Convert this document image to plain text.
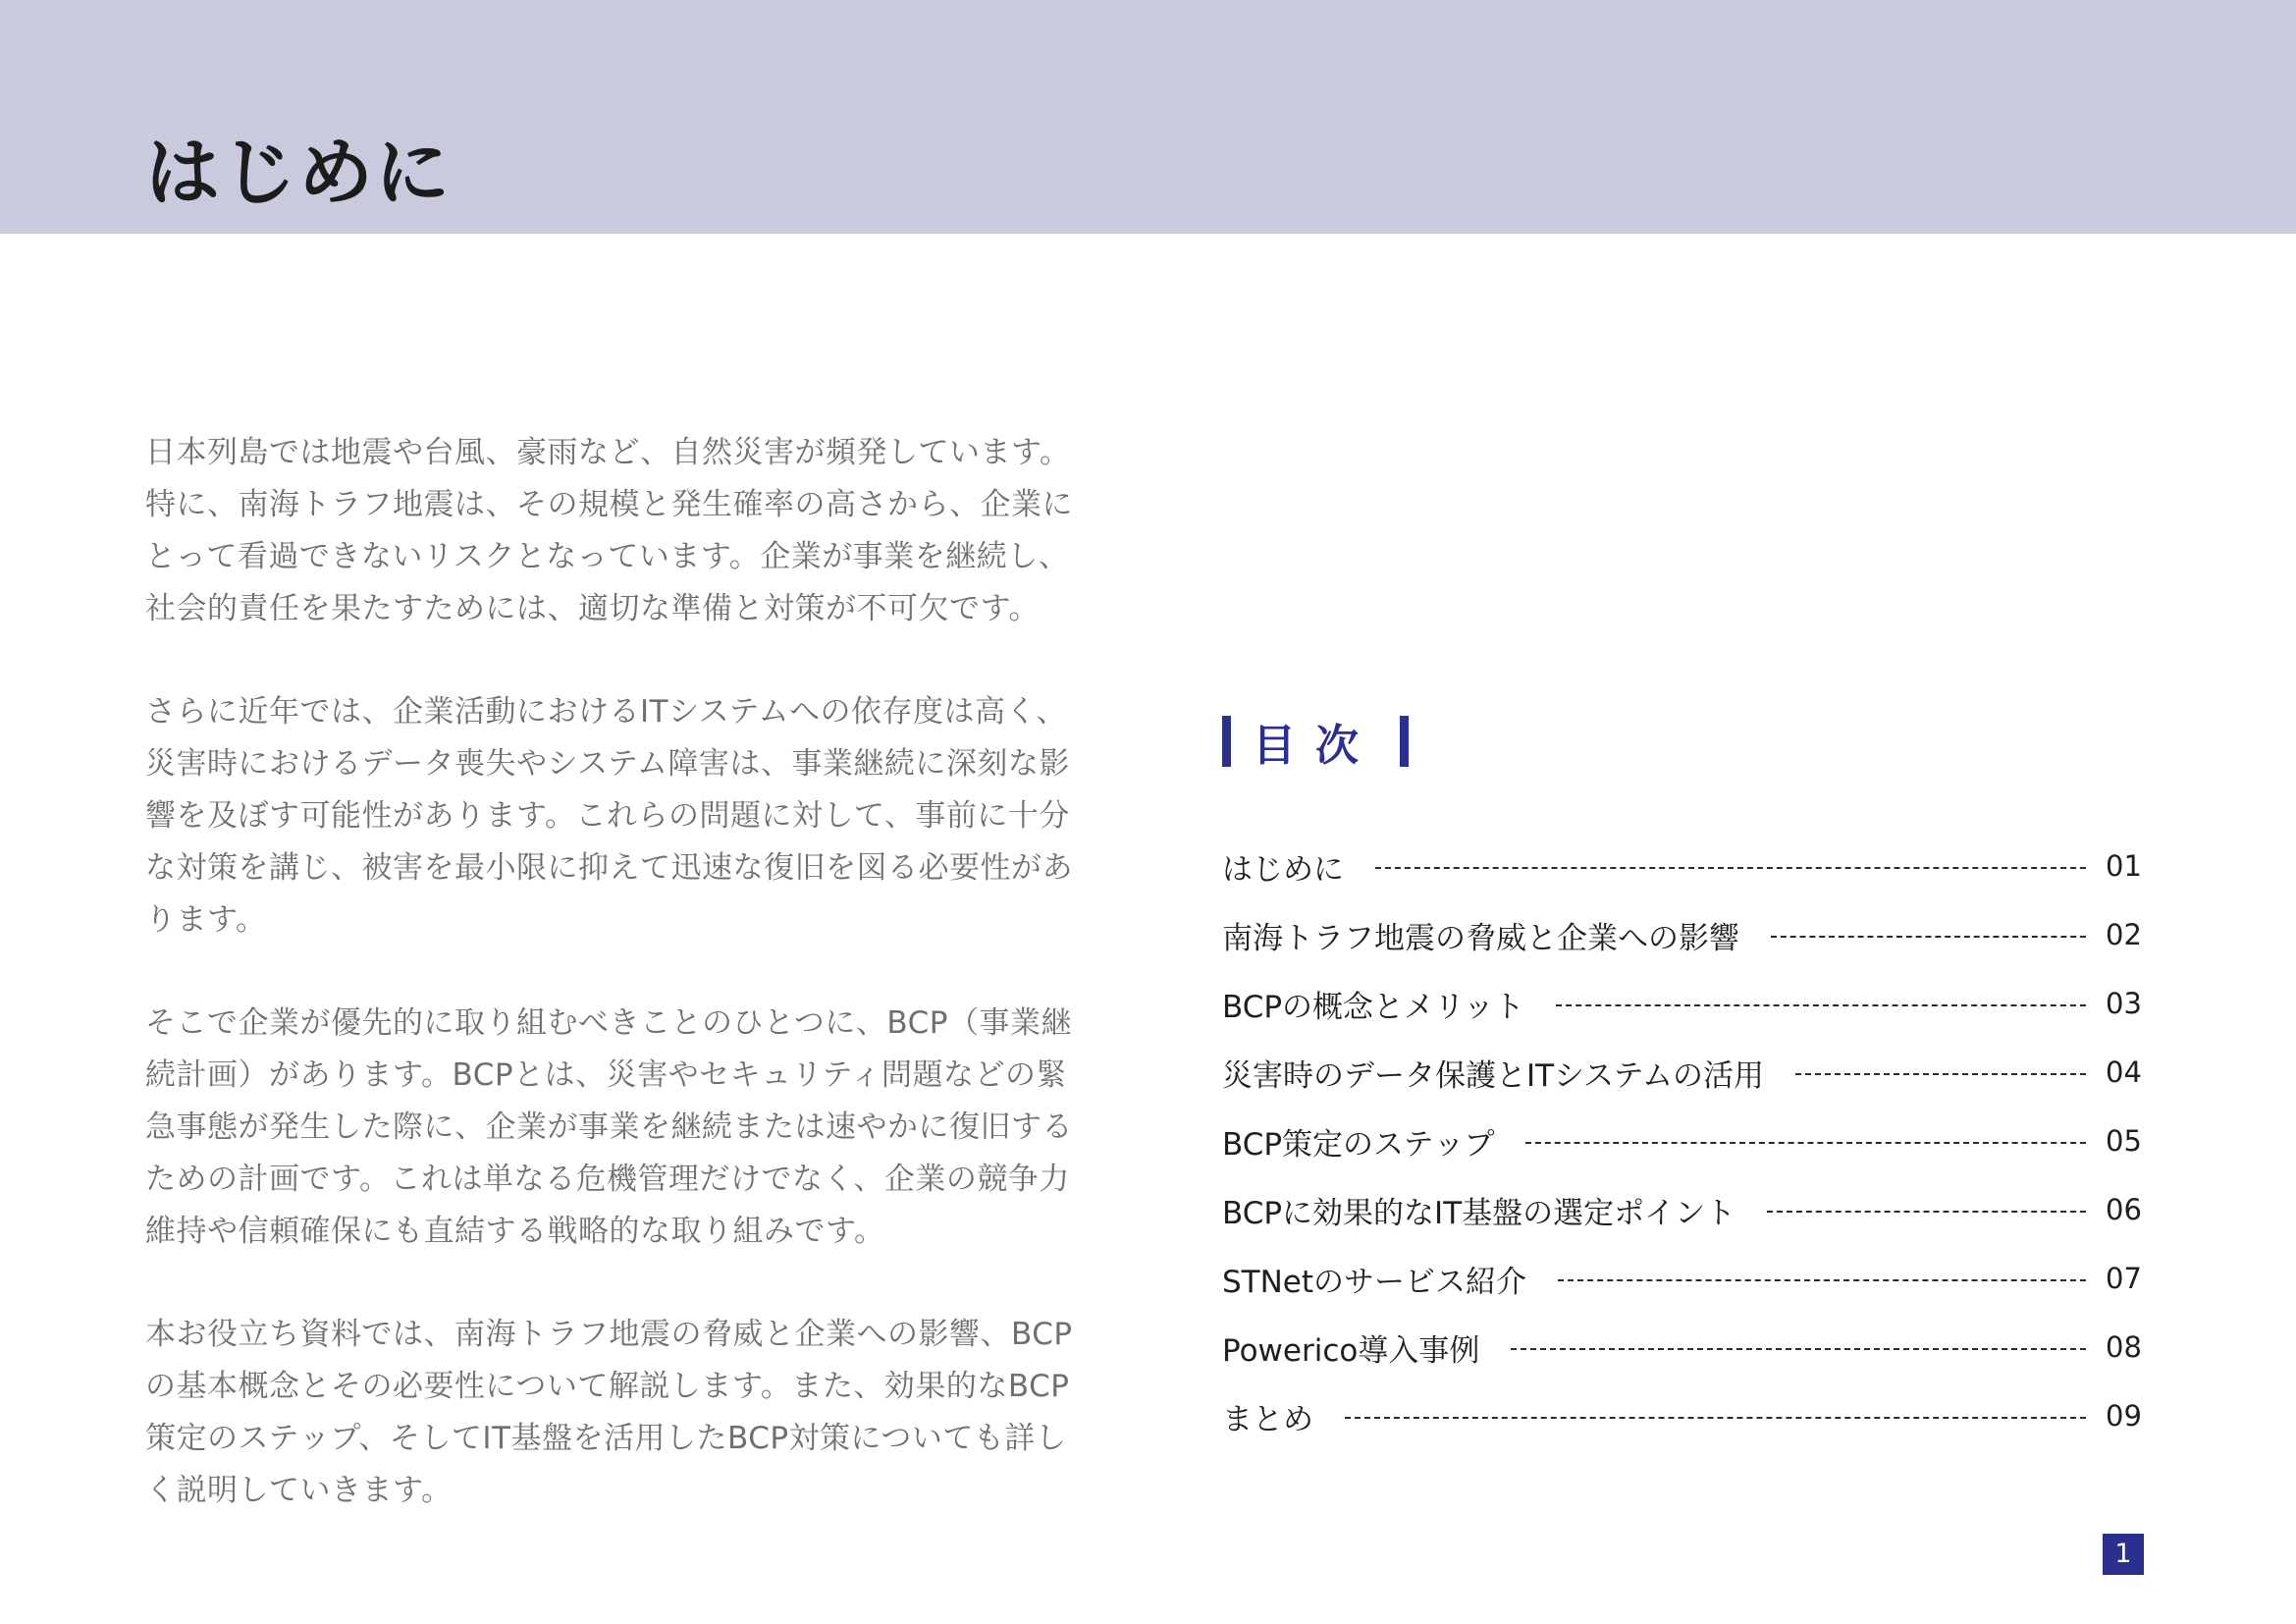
はじめに

日本列島では地震や台風、豪雨など、自然災害が頻発しています。特に、南海トラフ地震は、その規模と発生確率の高さから、企業にとって看過できないリスクとなっています。企業が事業を継続し、社会的責任を果たすためには、適切な準備と対策が不可欠です。

さらに近年では、企業活動におけるITシステムへの依存度は高く、災害時におけるデータ喪失やシステム障害は、事業継続に深刻な影響を及ぼす可能性があります。これらの問題に対して、事前に十分な対策を講じ、被害を最小限に抑えて迅速な復旧を図る必要性があります。

そこで企業が優先的に取り組むべきことのひとつに、BCP（事業継続計画）があります。BCPとは、災害やセキュリティ問題などの緊急事態が発生した際に、企業が事業を継続または速やかに復旧するための計画です。これは単なる危機管理だけでなく、企業の競争力維持や信頼確保にも直結する戦略的な取り組みです。

本お役立ち資料では、南海トラフ地震の脅威と企業への影響、BCPの基本概念とその必要性について解説します。また、効果的なBCP策定のステップ、そしてIT基盤を活用したBCP対策についても詳しく説明していきます。

目次
はじめに	01
南海トラフ地震の脅威と企業への影響	02
BCPの概念とメリット	03
災害時のデータ保護とITシステムの活用	04
BCP策定のステップ	05
BCPに効果的なIT基盤の選定ポイント	06
STNetのサービス紹介	07
Powerico導入事例	08
まとめ	09
1
